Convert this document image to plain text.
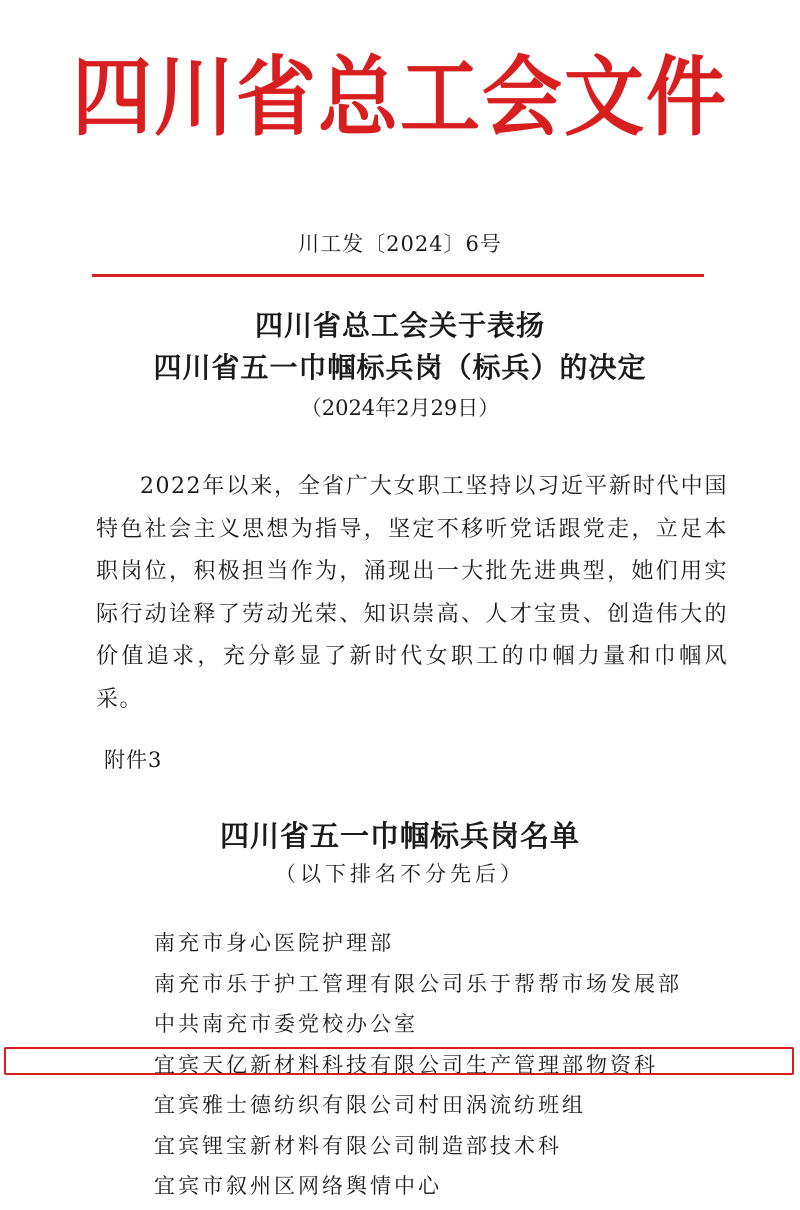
四川省总工会文件
川工发〔2024〕6号
四川省总工会关于表扬
四川省五一巾帼标兵岗（标兵）的决定
（2024年2月29日）

2022年以来，全省广大女职工坚持以习近平新时代中国特色社会主义思想为指导，坚定不移听党话跟党走，立足本职岗位，积极担当作为，涌现出一大批先进典型，她们用实际行动诠释了劳动光荣、知识崇高、人才宝贵、创造伟大的价值追求，充分彰显了新时代女职工的巾帼力量和巾帼风采。

附件3
四川省五一巾帼标兵岗名单
（以下排名不分先后）
南充市身心医院护理部
南充市乐于护工管理有限公司乐于帮帮市场发展部
中共南充市委党校办公室
宜宾天亿新材料科技有限公司生产管理部物资科
宜宾雅士德纺织有限公司村田涡流纺班组
宜宾锂宝新材料有限公司制造部技术科
宜宾市叙州区网络舆情中心
